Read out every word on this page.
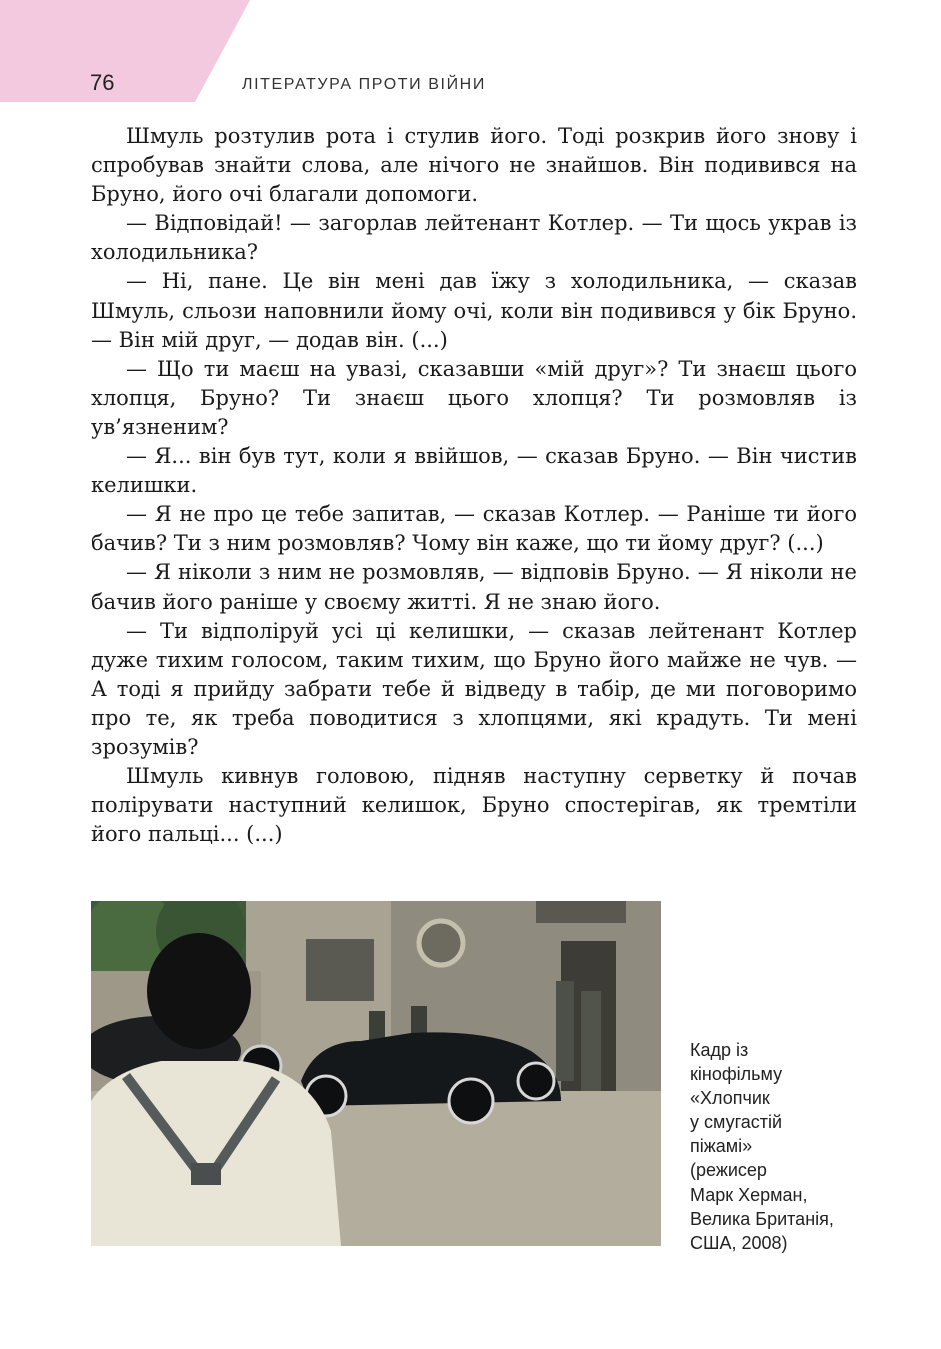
76	ЛІТЕРАТУРА ПРОТИ ВІЙНИ

Шмуль розтулив рота і стулив його. Тоді розкрив його знову і спробував знайти слова, але нічого не знайшов. Він подивився на Бруно, його очі благали допомоги.

— Відповідай! — загорлав лейтенант Котлер. — Ти щось украв із холодильника?

— Ні, пане. Це він мені дав їжу з холодильника, — сказав Шмуль, сльози наповнили йому очі, коли він подивився у бік Бруно. — Він мій друг, — додав він. (...)

— Що ти маєш на увазі, сказавши «мій друг»? Ти знаєш цього хлопця, Бруно? Ти знаєш цього хлопця? Ти розмовляв із ув’язненим?

— Я... він був тут, коли я ввійшов, — сказав Бруно. — Він чистив келишки.

— Я не про це тебе запитав, — сказав Котлер. — Раніше ти його бачив? Ти з ним розмовляв? Чому він каже, що ти йому друг? (...)

— Я ніколи з ним не розмовляв, — відповів Бруно. — Я ніколи не бачив його раніше у своєму житті. Я не знаю його.

— Ти відполіруй усі ці келишки, — сказав лейтенант Котлер дуже тихим голосом, таким тихим, що Бруно його майже не чув. — А тоді я прийду забрати тебе й відведу в табір, де ми поговоримо про те, як треба поводитися з хлопцями, які крадуть. Ти мені зрозумів?

Шмуль кивнув головою, підняв наступну серветку й почав полірувати наступний келишок, Бруно спостерігав, як тремтіли його пальці... (...)

Кадр із
кінофільму
«Хлопчик
у смугастій
піжамі»
(режисер
Марк Херман,
Велика Британія,
США, 2008)
